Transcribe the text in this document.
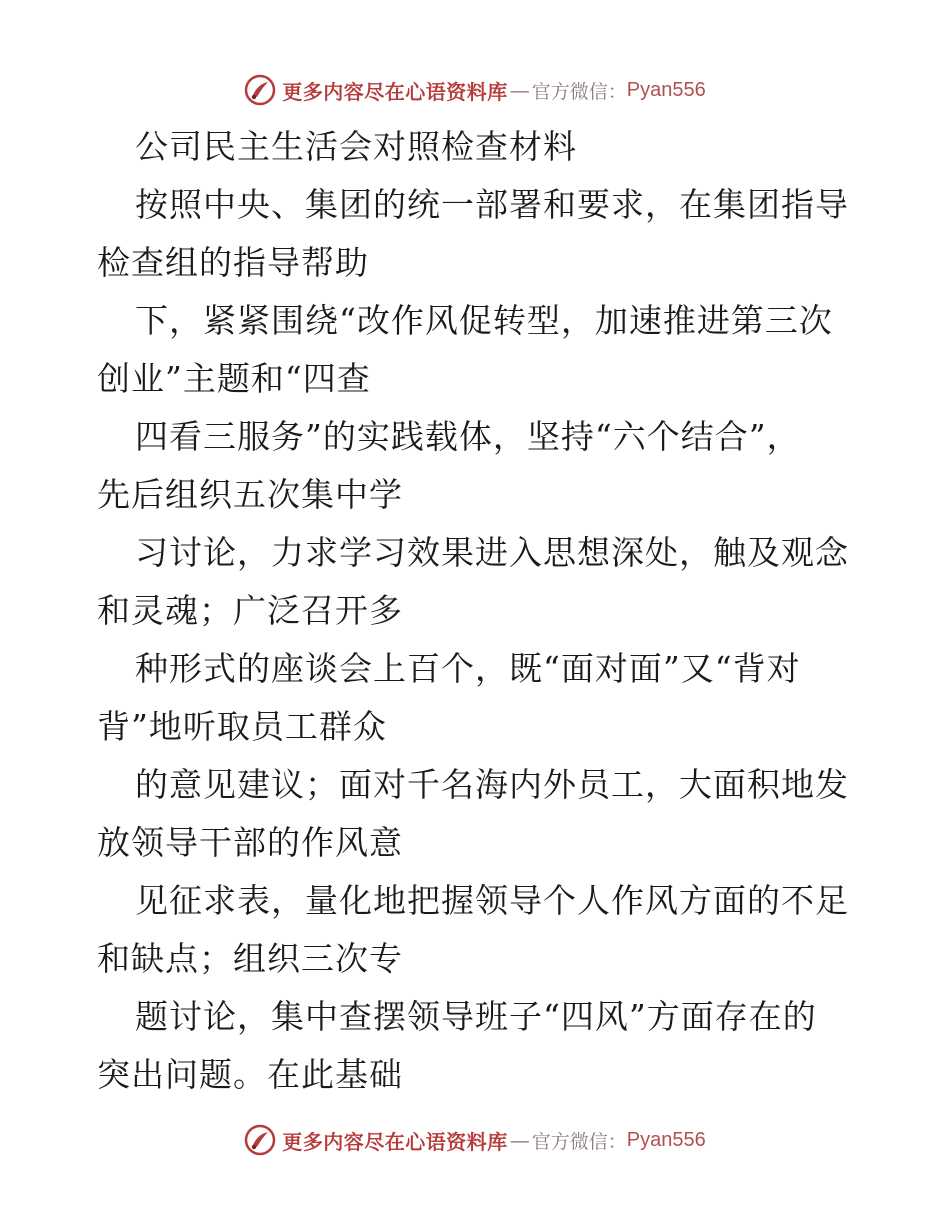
更多内容尽在心语资料库 — 官方微信： Pyan556
公司民主生活会对照检查材料
按照中央、集团的统一部署和要求，在集团指导
检查组的指导帮助
下，紧紧围绕“改作风促转型，加速推进第三次
创业”主题和“四查
四看三服务”的实践载体，坚持“六个结合”，
先后组织五次集中学
习讨论，力求学习效果进入思想深处，触及观念
和灵魂；广泛召开多
种形式的座谈会上百个，既“面对面”又“背对
背”地听取员工群众
的意见建议；面对千名海内外员工，大面积地发
放领导干部的作风意
见征求表，量化地把握领导个人作风方面的不足
和缺点；组织三次专
题讨论，集中查摆领导班子“四风”方面存在的
突出问题。在此基础
更多内容尽在心语资料库 — 官方微信： Pyan556
